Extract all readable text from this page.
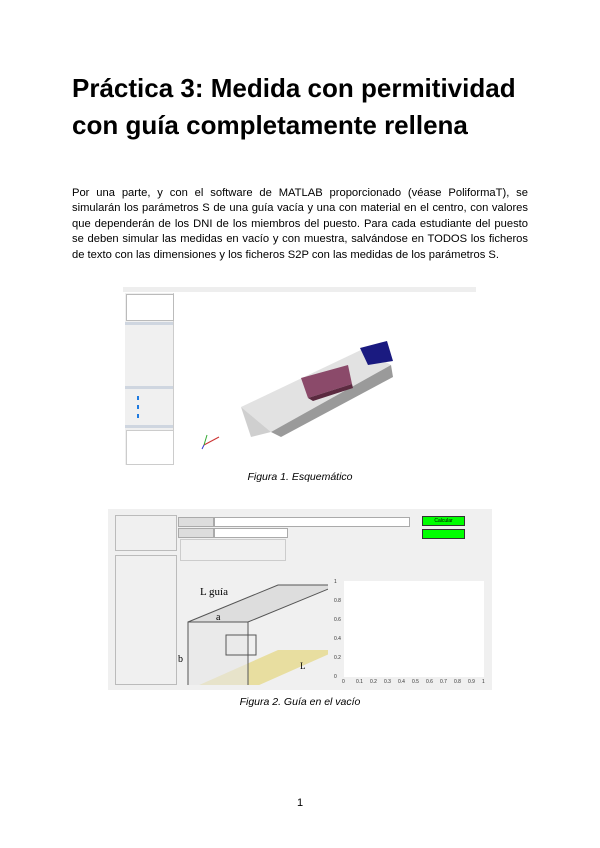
Práctica 3: Medida con permitividad con guía completamente rellena

Por una parte, y con el software de MATLAB proporcionado (véase PoliformaT), se simularán los parámetros S de una guía vacía y una con material en el centro, con valores que dependerán de los DNI de los miembros del puesto. Para cada estudiante del puesto se deben simular las medidas en vacío y con muestra, salvándose en TODOS los ficheros de texto con las dimensiones y los ficheros S2P con las medidas de los parámetros S.

Figura 1. Esquemático
Calcular
L guía
a
b
L
0 0.1 0.2 0.3 0.4 0.5 0.6 0.7 0.8 0.9 1
1
0.8
0.6
0.4
0.2
0
Figura 2. Guía en el vacío
1
